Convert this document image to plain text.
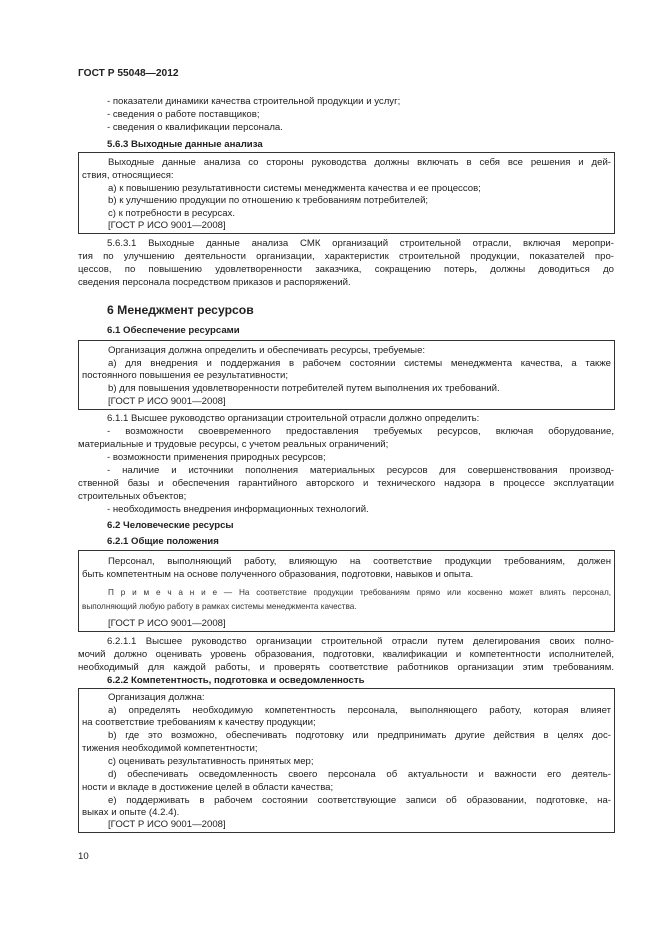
ГОСТ Р 55048—2012
- показатели динамики качества строительной продукции и услуг;
- сведения о работе поставщиков;
- сведения о квалификации персонала.
5.6.3 Выходные данные анализа
Выходные данные анализа со стороны руководства должны включать в себя все решения и дей-
ствия, относящиеся:
a) к повышению результативности системы менеджмента качества и ее процессов;
b) к улучшению продукции по отношению к требованиям потребителей;
c) к потребности в ресурсах.
[ГОСТ Р ИСО 9001—2008]
5.6.3.1 Выходные данные анализа СМК организаций строительной отрасли, включая меропри-
тия по улучшению деятельности организации, характеристик строительной продукции, показателей про-
цессов, по повышению удовлетворенности заказчика, сокращению потерь, должны доводиться до
сведения персонала посредством приказов и распоряжений.
6 Менеджмент ресурсов
6.1 Обеспечение ресурсами
Организация должна определить и обеспечивать ресурсы, требуемые:
a) для внедрения и поддержания в рабочем состоянии системы менеджмента качества, а также
постоянного повышения ее результативности;
b) для повышения удовлетворенности потребителей путем выполнения их требований.
[ГОСТ Р ИСО 9001—2008]
6.1.1 Высшее руководство организации строительной отрасли должно определить:
- возможности своевременного предоставления требуемых ресурсов, включая оборудование,
материальные и трудовые ресурсы, с учетом реальных ограничений;
- возможности применения природных ресурсов;
- наличие и источники пополнения материальных ресурсов для совершенствования производ-
ственной базы и обеспечения гарантийного авторского и технического надзора в процессе эксплуатации
строительных объектов;
- необходимость внедрения информационных технологий.
6.2 Человеческие ресурсы
6.2.1 Общие положения
Персонал, выполняющий работу, влияющую на соответствие продукции требованиям, должен
быть компетентным на основе полученного образования, подготовки, навыков и опыта.
П р и м е ч а н и е — На соответствие продукции требованиям прямо или косвенно может влиять персонал,
выполняющий любую работу в рамках системы менеджмента качества.
[ГОСТ Р ИСО 9001—2008]
6.2.1.1 Высшее руководство организации строительной отрасли путем делегирования своих полно-
мочий должно оценивать уровень образования, подготовки, квалификации и компетентности исполнителей,
необходимый для каждой работы, и проверять соответствие работников организации этим требованиям.
6.2.2 Компетентность, подготовка и осведомленность
Организация должна:
a) определять необходимую компетентность персонала, выполняющего работу, которая влияет
на соответствие требованиям к качеству продукции;
b) где это возможно, обеспечивать подготовку или предпринимать другие действия в целях дос-
тижения необходимой компетентности;
c) оценивать результативность принятых мер;
d) обеспечивать осведомленность своего персонала об актуальности и важности его деятель-
ности и вкладе в достижение целей в области качества;
e) поддерживать в рабочем состоянии соответствующие записи об образовании, подготовке, на-
выках и опыте (4.2.4).
[ГОСТ Р ИСО 9001—2008]
10
